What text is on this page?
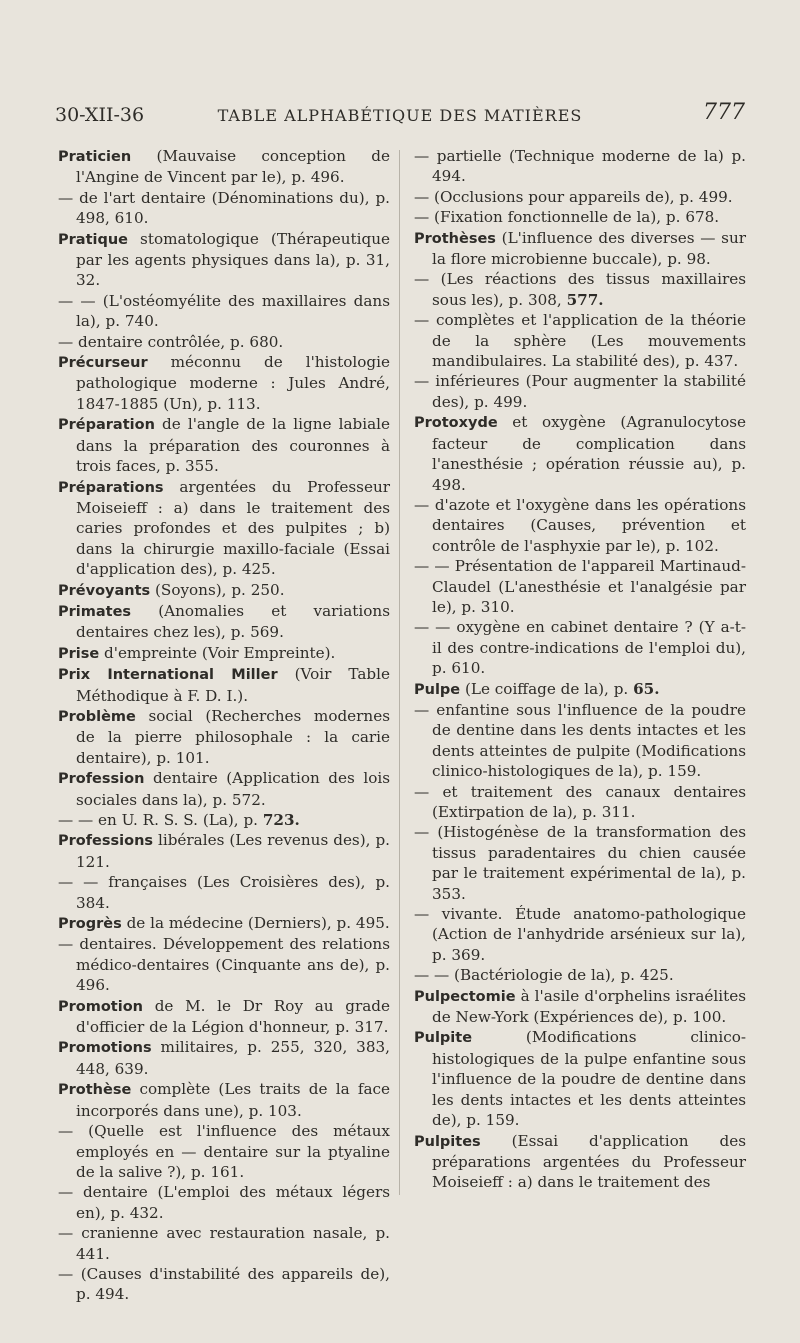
30-XII-36	TABLE ALPHABÉTIQUE DES MATIÈRES	777

Praticien (Mauvaise conception de l'Angine de Vincent par le), p. 496.

— de l'art dentaire (Dénominations du), p. 498, 610.

Pratique stomatologique (Thérapeutique par les agents physiques dans la), p. 31, 32.

— — (L'ostéomyélite des maxillaires dans la), p. 740.

— dentaire contrôlée, p. 680.

Précurseur méconnu de l'histologie pathologique moderne : Jules André, 1847-1885 (Un), p. 113.

Préparation de l'angle de la ligne labiale dans la préparation des couronnes à trois faces, p. 355.

Préparations argentées du Professeur Moiseieff : a) dans le traitement des caries profondes et des pulpites ; b) dans la chirurgie maxillo-faciale (Essai d'application des), p. 425.

Prévoyants (Soyons), p. 250.

Primates (Anomalies et variations dentaires chez les), p. 569.

Prise d'empreinte (Voir Empreinte).

Prix International Miller (Voir Table Méthodique à F. D. I.).

Problème social (Recherches modernes de la pierre philosophale : la carie dentaire), p. 101.

Profession dentaire (Application des lois sociales dans la), p. 572.

— — en U. R. S. S. (La), p. 723.

Professions libérales (Les revenus des), p. 121.

— — françaises (Les Croisières des), p. 384.

Progrès de la médecine (Derniers), p. 495.

— dentaires. Développement des relations médico-dentaires (Cinquante ans de), p. 496.

Promotion de M. le Dr Roy au grade d'officier de la Légion d'honneur, p. 317.

Promotions militaires, p. 255, 320, 383, 448, 639.

Prothèse complète (Les traits de la face incorporés dans une), p. 103.

— (Quelle est l'influence des métaux employés en — dentaire sur la ptyaline de la salive ?), p. 161.

— dentaire (L'emploi des métaux légers en), p. 432.

— cranienne avec restauration nasale, p. 441.

— (Causes d'instabilité des appareils de), p. 494.

— partielle (Technique moderne de la) p. 494.

— (Occlusions pour appareils de), p. 499.

— (Fixation fonctionnelle de la), p. 678.

Prothèses (L'influence des diverses — sur la flore microbienne buccale), p. 98.

— (Les réactions des tissus maxillaires sous les), p. 308, 577.

— complètes et l'application de la théorie de la sphère (Les mouvements mandibulaires. La stabilité des), p. 437.

— inférieures (Pour augmenter la stabilité des), p. 499.

Protoxyde et oxygène (Agranulocytose facteur de complication dans l'anesthésie ; opération réussie au), p. 498.

— d'azote et l'oxygène dans les opérations dentaires (Causes, prévention et contrôle de l'asphyxie par le), p. 102.

— — Présentation de l'appareil Martinaud-Claudel (L'anesthésie et l'analgésie par le), p. 310.

— — oxygène en cabinet dentaire ? (Y a-t-il des contre-indications de l'emploi du), p. 610.

Pulpe (Le coiffage de la), p. 65.

— enfantine sous l'influence de la poudre de dentine dans les dents intactes et les dents atteintes de pulpite (Modifications clinico-histologiques de la), p. 159.

— et traitement des canaux dentaires (Extirpation de la), p. 311.

— (Histogénèse de la transformation des tissus paradentaires du chien causée par le traitement expérimental de la), p. 353.

— vivante. Étude anatomo-pathologique (Action de l'anhydride arsénieux sur la), p. 369.

— — (Bactériologie de la), p. 425.

Pulpectomie à l'asile d'orphelins israélites de New-York (Expériences de), p. 100.

Pulpite (Modifications clinico-histologiques de la pulpe enfantine sous l'influence de la poudre de dentine dans les dents intactes et les dents atteintes de), p. 159.

Pulpites (Essai d'application des préparations argentées du Professeur Moiseieff : a) dans le traitement des
